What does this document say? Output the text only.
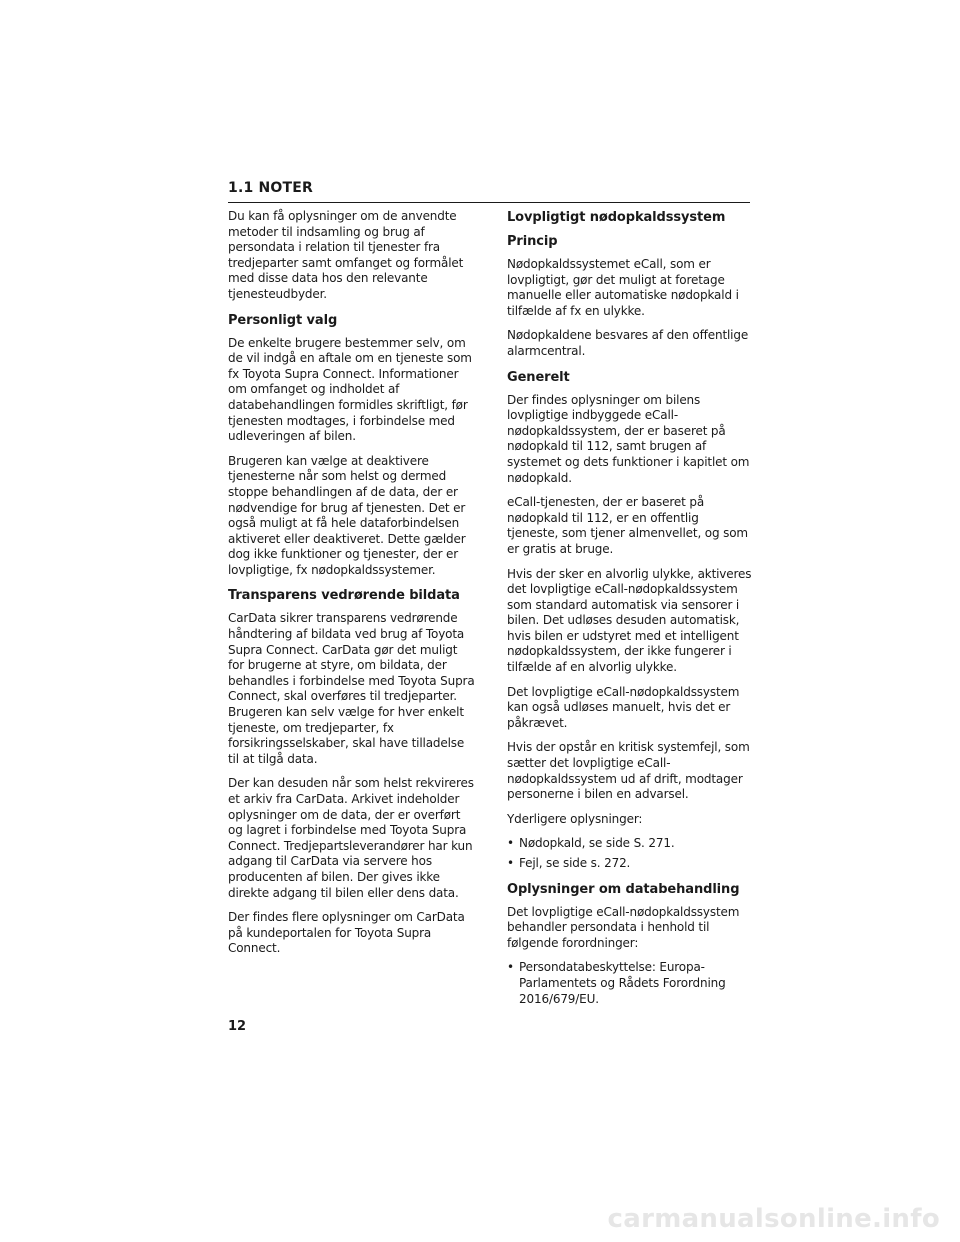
1.1 NOTER

Du kan få oplysninger om de anvendte metoder til indsamling og brug af persondata i relation til tjenester fra tredjeparter samt omfanget og formålet med disse data hos den relevante tjenesteudbyder.

Personligt valg

De enkelte brugere bestemmer selv, om de vil indgå en aftale om en tjeneste som fx Toyota Supra Connect. Informationer om omfanget og indholdet af databehandlingen formidles skriftligt, før tjenesten modtages, i forbindelse med udleveringen af bilen.

Brugeren kan vælge at deaktivere tjenesterne når som helst og dermed stoppe behandlingen af de data, der er nødvendige for brug af tjenesten. Det er også muligt at få hele dataforbindelsen aktiveret eller deaktiveret. Dette gælder dog ikke funktioner og tjenester, der er lovpligtige, fx nødopkaldssystemer.

Transparens vedrørende bildata

CarData sikrer transparens vedrørende håndtering af bildata ved brug af Toyota Supra Connect. CarData gør det muligt for brugerne at styre, om bildata, der behandles i forbindelse med Toyota Supra Connect, skal overføres til tredjeparter. Brugeren kan selv vælge for hver enkelt tjeneste, om tredjeparter, fx forsikringsselskaber, skal have tilladelse til at tilgå data.

Der kan desuden når som helst rekvireres et arkiv fra CarData. Arkivet indeholder oplysninger om de data, der er overført og lagret i forbindelse med Toyota Supra Connect. Tredjepartsleverandører har kun adgang til CarData via servere hos producenten af bilen. Der gives ikke direkte adgang til bilen eller dens data.

Der findes flere oplysninger om CarData på kundeportalen for Toyota Supra Connect.

Lovpligtigt nødopkaldssystem
Princip

Nødopkaldssystemet eCall, som er lovpligtigt, gør det muligt at foretage manuelle eller automatiske nødopkald i tilfælde af fx en ulykke.

Nødopkaldene besvares af den offentlige alarmcentral.

Generelt

Der findes oplysninger om bilens lovpligtige indbyggede eCall-nødopkaldssystem, der er baseret på nødopkald til 112, samt brugen af systemet og dets funktioner i kapitlet om nødopkald.

eCall-tjenesten, der er baseret på nødopkald til 112, er en offentlig tjeneste, som tjener almenvellet, og som er gratis at bruge.

Hvis der sker en alvorlig ulykke, aktiveres det lovpligtige eCall-nødopkaldssystem som standard automatisk via sensorer i bilen. Det udløses desuden automatisk, hvis bilen er udstyret med et intelligent nødopkaldssystem, der ikke fungerer i tilfælde af en alvorlig ulykke.

Det lovpligtige eCall-nødopkaldssystem kan også udløses manuelt, hvis det er påkrævet.

Hvis der opstår en kritisk systemfejl, som sætter det lovpligtige eCall-nødopkaldssystem ud af drift, modtager personerne i bilen en advarsel.

Yderligere oplysninger:

• Nødopkald, se side S. 271.
• Fejl, se side s. 272.
Oplysninger om databehandling

Det lovpligtige eCall-nødopkaldssystem behandler persondata i henhold til følgende forordninger:

• Persondatabeskyttelse: Europa-Parlamentets og Rådets Forordning 2016/679/EU.
12
carmanualsonline.info
